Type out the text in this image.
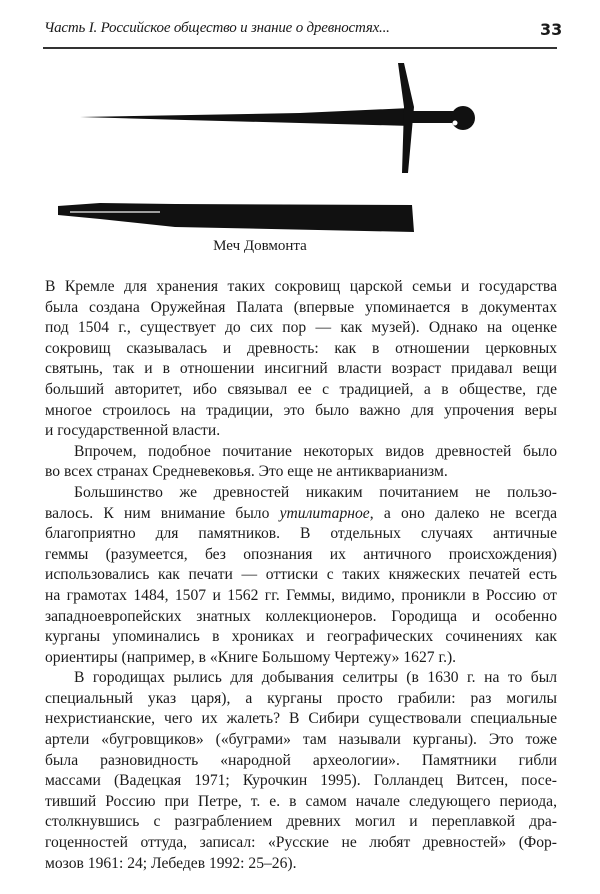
Часть I. Российское общество и знание о древностях...	33
Меч Довмонта
В Кремле для хранения таких сокровищ царской семьи и государства
была создана Оружейная Палата (впервые упоминается в документах
под 1504 г., существует до сих пор — как музей). Однако на оценке
сокровищ сказывалась и древность: как в отношении церковных
святынь, так и в отношении инсигний власти возраст придавал вещи
больший авторитет, ибо связывал ее с традицией, а в обществе, где
многое строилось на традиции, это было важно для упрочения веры
и государственной власти.
Впрочем, подобное почитание некоторых видов древностей было
во всех странах Средневековья. Это еще не антикварианизм.
Большинство же древностей никаким почитанием не пользо-
валось. К ним внимание было утилитарное, а оно далеко не всегда
благоприятно для памятников. В отдельных случаях античные
геммы (разумеется, без опознания их античного происхождения)
использовались как печати — оттиски с таких княжеских печатей есть
на грамотах 1484, 1507 и 1562 гг. Геммы, видимо, проникли в Россию от
западноевропейских знатных коллекционеров. Городища и особенно
курганы упоминались в хрониках и географических сочинениях как
ориентиры (например, в «Книге Большому Чертежу» 1627 г.).
В городищах рылись для добывания селитры (в 1630 г. на то был
специальный указ царя), а курганы просто грабили: раз могилы
нехристианские, чего их жалеть? В Сибири существовали специальные
артели «бугровщиков» («буграми» там называли курганы). Это тоже
была разновидность «народной археологии». Памятники гибли
массами (Вадецкая 1971; Курочкин 1995). Голландец Витсен, посе-
тивший Россию при Петре, т. е. в самом начале следующего периода,
столкнувшись с разграблением древних могил и переплавкой дра-
гоценностей оттуда, записал: «Русские не любят древностей» (Фор-
мозов 1961: 24; Лебедев 1992: 25–26).
